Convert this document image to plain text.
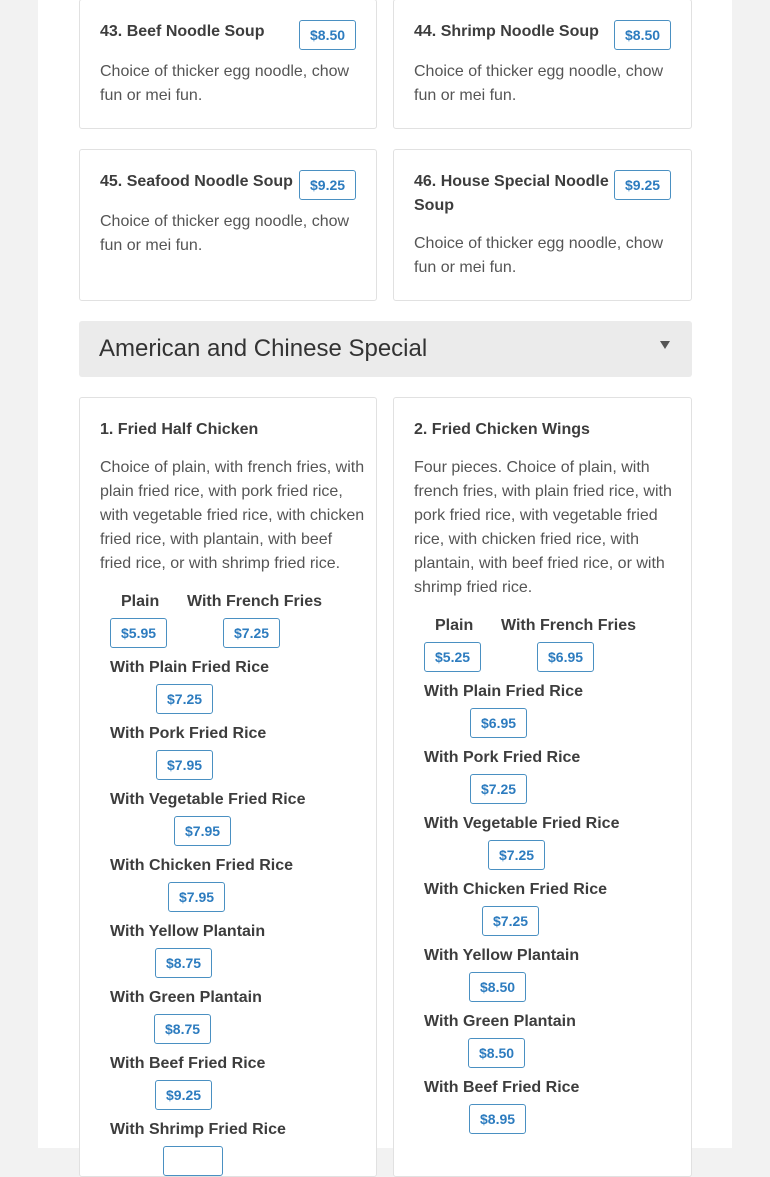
43. Beef Noodle Soup	$8.50
Choice of thicker egg noodle, chow
fun or mei fun.
44. Shrimp Noodle Soup	$8.50
Choice of thicker egg noodle, chow
fun or mei fun.
45. Seafood Noodle Soup	$9.25
Choice of thicker egg noodle, chow
fun or mei fun.
46. House Special Noodle
Soup
$9.25
Choice of thicker egg noodle, chow
fun or mei fun.
American and Chinese Special
1. Fried Half Chicken
Choice of plain, with french fries, with
plain fried rice, with pork fried rice,
with vegetable fried rice, with chicken
fried rice, with plantain, with beef
fried rice, or with shrimp fried rice.
Plain With French Fries
$5.95	$7.25
With Plain Fried Rice
$7.25
With Pork Fried Rice
$7.95
With Vegetable Fried Rice
$7.95
With Chicken Fried Rice
$7.95
With Yellow Plantain
$8.75
With Green Plantain
$8.75
With Beef Fried Rice
$9.25
With Shrimp Fried Rice
2. Fried Chicken Wings
Four pieces. Choice of plain, with
french fries, with plain fried rice, with
pork fried rice, with vegetable fried
rice, with chicken fried rice, with
plantain, with beef fried rice, or with
shrimp fried rice.
Plain With French Fries
$5.25	$6.95
With Plain Fried Rice
$6.95
With Pork Fried Rice
$7.25
With Vegetable Fried Rice
$7.25
With Chicken Fried Rice
$7.25
With Yellow Plantain
$8.50
With Green Plantain
$8.50
With Beef Fried Rice
$8.95
